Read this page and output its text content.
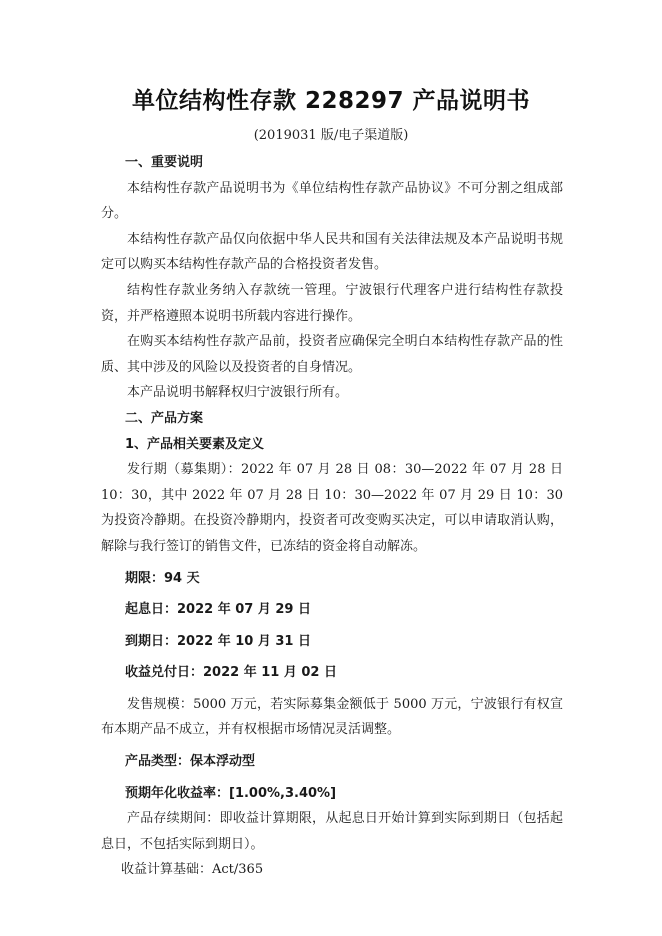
单位结构性存款 228297 产品说明书
(2019031 版/电子渠道版)

一、重要说明

本结构性存款产品说明书为《单位结构性存款产品协议》不可分割之组成部分。

本结构性存款产品仅向依据中华人民共和国有关法律法规及本产品说明书规定可以购买本结构性存款产品的合格投资者发售。

结构性存款业务纳入存款统一管理。宁波银行代理客户进行结构性存款投资，并严格遵照本说明书所载内容进行操作。

在购买本结构性存款产品前，投资者应确保完全明白本结构性存款产品的性质、其中涉及的风险以及投资者的自身情况。

本产品说明书解释权归宁波银行所有。

二、产品方案

1、产品相关要素及定义

发行期（募集期）：2022 年 07 月 28 日 08：30—2022 年 07 月 28 日 10：30，其中 2022 年 07 月 28 日 10：30—2022 年 07 月 29 日 10：30 为投资冷静期。在投资冷静期内，投资者可改变购买决定，可以申请取消认购，解除与我行签订的销售文件，已冻结的资金将自动解冻。

期限：94 天

起息日：2022 年 07 月 29 日

到期日：2022 年 10 月 31 日

收益兑付日：2022 年 11 月 02 日

发售规模：5000 万元，若实际募集金额低于 5000 万元，宁波银行有权宣布本期产品不成立，并有权根据市场情况灵活调整。

产品类型：保本浮动型

预期年化收益率：[1.00%,3.40%]

产品存续期间：即收益计算期限，从起息日开始计算到实际到期日（包括起息日，不包括实际到期日）。

收益计算基础：Act/365
